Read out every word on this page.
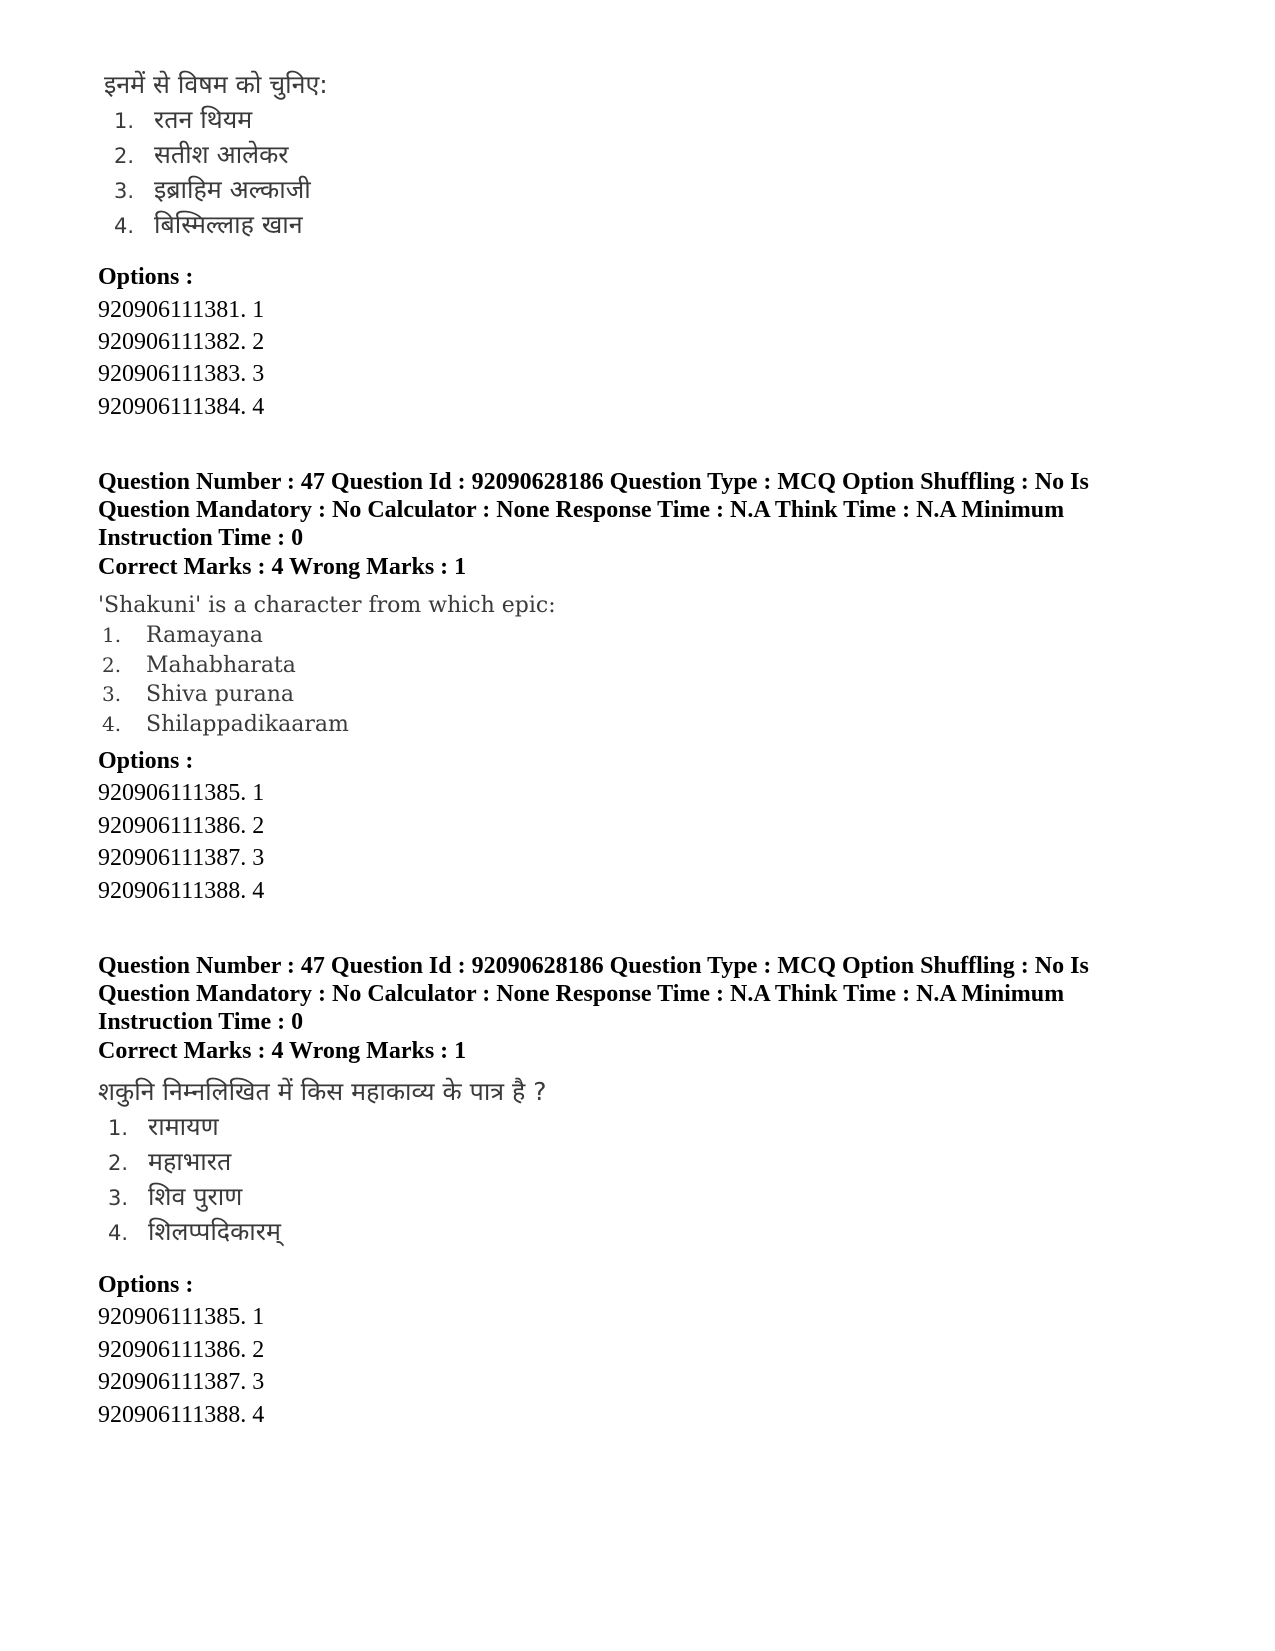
इनमें से विषम को चुनिए:
1. रतन थियम
2. सतीश आलेकर
3. इब्राहिम अल्काजी
4. बिस्मिल्लाह खान
Options :
920906111381. 1
920906111382. 2
920906111383. 3
920906111384. 4
Question Number : 47 Question Id : 92090628186 Question Type : MCQ Option Shuffling : No Is
Question Mandatory : No Calculator : None Response Time : N.A Think Time : N.A Minimum
Instruction Time : 0
Correct Marks : 4 Wrong Marks : 1
'Shakuni' is a character from which epic:
1. Ramayana
2. Mahabharata
3. Shiva purana
4. Shilappadikaaram
Options :
920906111385. 1
920906111386. 2
920906111387. 3
920906111388. 4
Question Number : 47 Question Id : 92090628186 Question Type : MCQ Option Shuffling : No Is
Question Mandatory : No Calculator : None Response Time : N.A Think Time : N.A Minimum
Instruction Time : 0
Correct Marks : 4 Wrong Marks : 1
शकुनि निम्नलिखित में किस महाकाव्य के पात्र है ?
1. रामायण
2. महाभारत
3. शिव पुराण
4. शिलप्पदिकारम्
Options :
920906111385. 1
920906111386. 2
920906111387. 3
920906111388. 4
